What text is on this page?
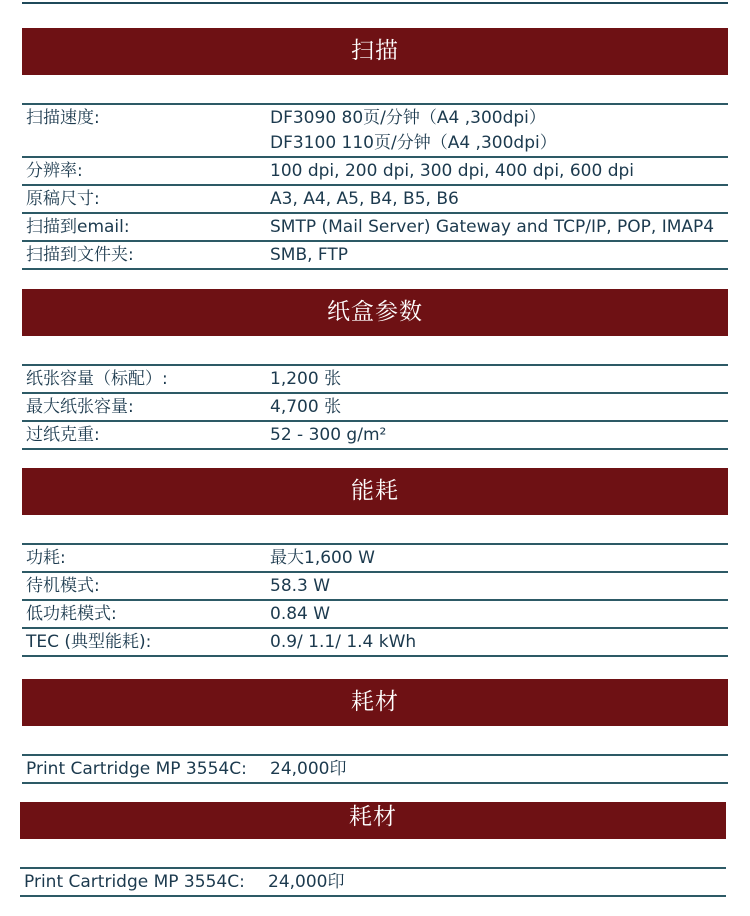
扫描
扫描速度:	DF3090 80页/分钟（A4 ,300dpi）
DF3100 110页/分钟（A4 ,300dpi）
分辨率:	100 dpi, 200 dpi, 300 dpi, 400 dpi, 600 dpi
原稿尺寸:	A3, A4, A5, B4, B5, B6
扫描到email:	SMTP (Mail Server) Gateway and TCP/IP, POP, IMAP4
扫描到文件夹:	SMB, FTP
纸盒参数
纸张容量（标配）:	1,200 张
最大纸张容量:	4,700 张
过纸克重:	52 - 300 g/m²
能耗
功耗:	最大1,600 W
待机模式:	58.3 W
低功耗模式:	0.84 W
TEC (典型能耗):	0.9/ 1.1/ 1.4 kWh
耗材
Print Cartridge MP 3554C:	24,000印
耗材
Print Cartridge MP 3554C:	24,000印
